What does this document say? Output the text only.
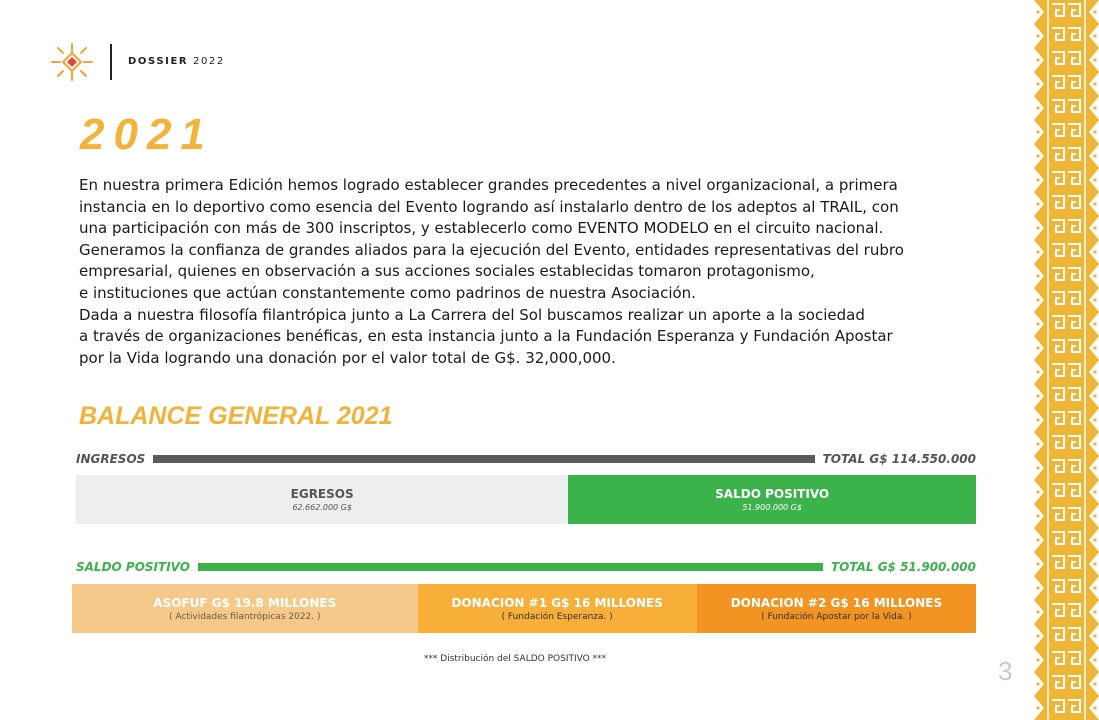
DOSSIER 2022
2021
En nuestra primera Edición hemos logrado establecer grandes precedentes a nivel organizacional, a primera
instancia en lo deportivo como esencia del Evento logrando así instalarlo dentro de los adeptos al TRAIL, con
una participación con más de 300 inscriptos, y establecerlo como EVENTO MODELO en el circuito nacional.
Generamos la confianza de grandes aliados para la ejecución del Evento, entidades representativas del rubro
empresarial, quienes en observación a sus acciones sociales establecidas tomaron protagonismo,
e instituciones que actúan constantemente como padrinos de nuestra Asociación.
Dada a nuestra filosofía filantrópica junto a La Carrera del Sol buscamos realizar un aporte a la sociedad
a través de organizaciones benéficas, en esta instancia junto a la Fundación Esperanza y Fundación Apostar
por la Vida logrando una donación por el valor total de G$. 32,000,000.
BALANCE GENERAL 2021
INGRESOS	TOTAL G$ 114.550.000
EGRESOS
62.662.000 G$
SALDO POSITIVO
51.900.000 G$
SALDO POSITIVO	TOTAL G$ 51.900.000
ASOFUF G$ 19.8 MILLONES
( Actividades filantrópicas 2022. )
DONACION #1 G$ 16 MILLONES
( Fundación Esperanza. )
DONACION #2 G$ 16 MILLONES
( Fundación Apostar por la Vida. )
*** Distribución del SALDO POSITIVO ***	3
